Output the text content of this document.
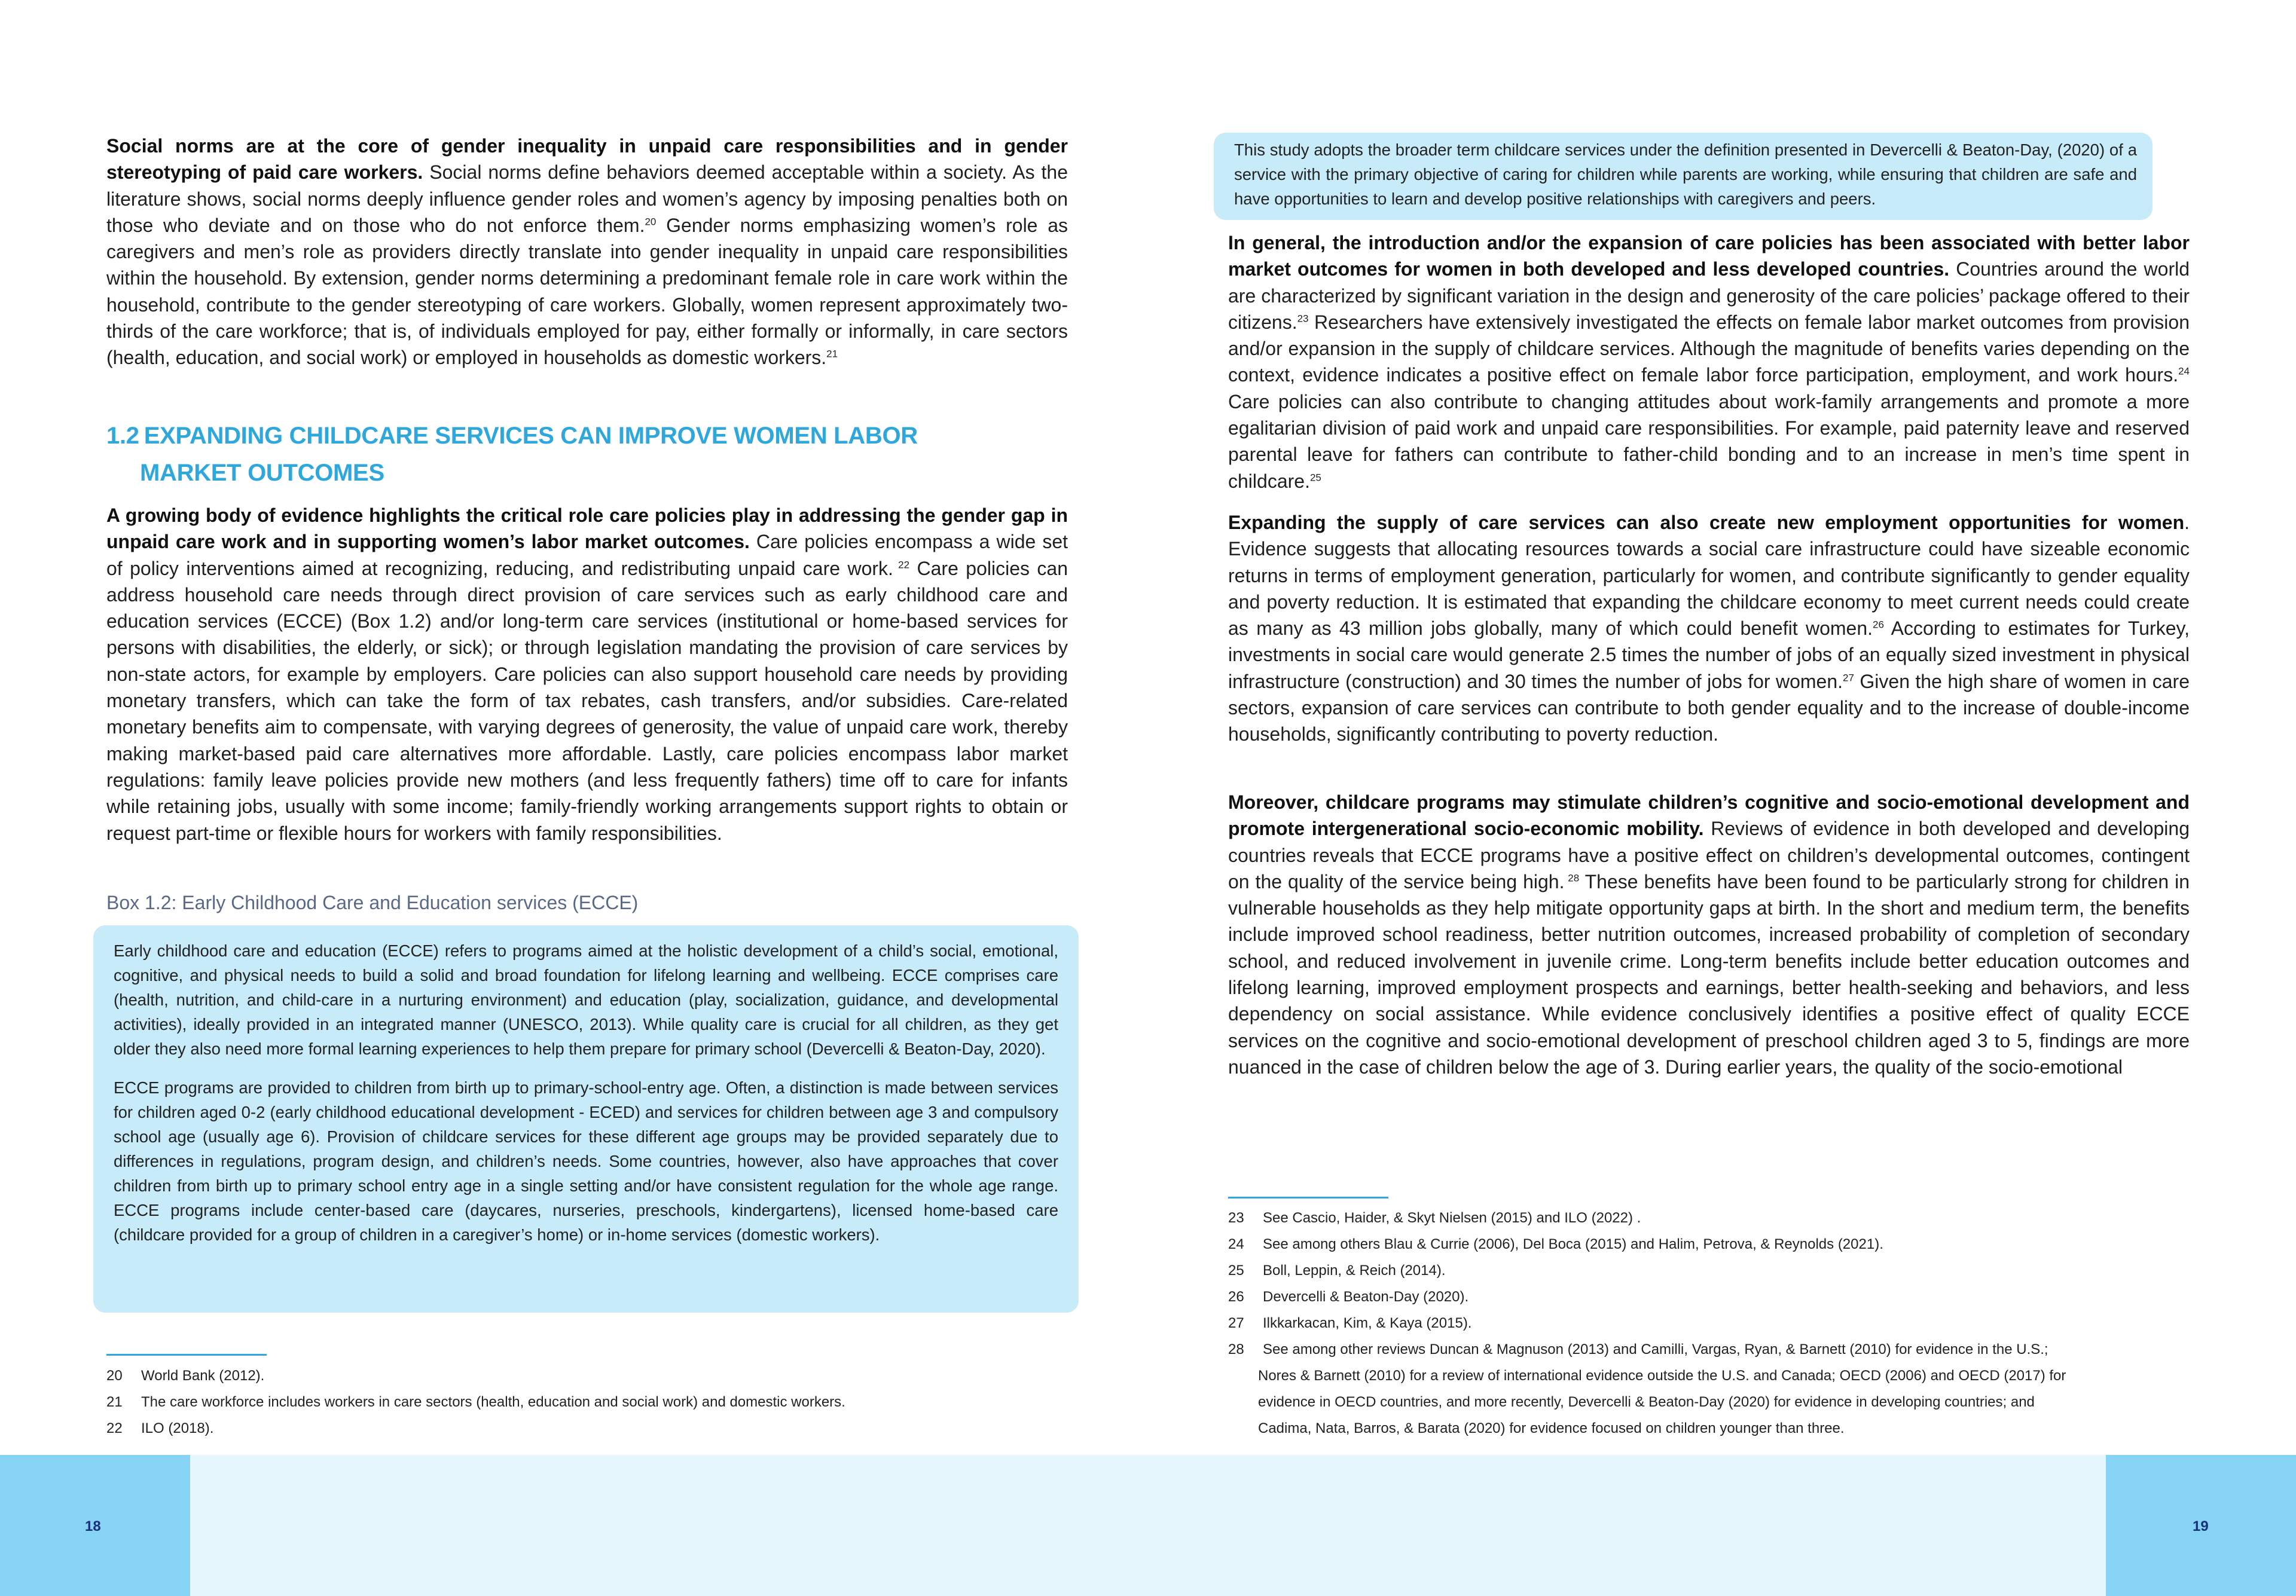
Social norms are at the core of gender inequality in unpaid care responsibilities and in gender stereotyping of paid care workers. Social norms define behaviors deemed acceptable within a society. As the literature shows, social norms deeply influence gender roles and women’s agency by imposing penalties both on those who deviate and on those who do not enforce them.$^{20}$ Gender norms emphasizing women’s role as caregivers and men’s role as providers directly translate into gender inequality in unpaid care responsibilities within the household. By extension, gender norms determining a predominant female role in care work within the household, contribute to the gender stereotyping of care workers. Globally, women represent approximately two-thirds of the care workforce; that is, of individuals employed for pay, either formally or informally, in care sectors (health, education, and social work) or employed in households as domestic workers.$^{21}$

1.2 EXPANDING CHILDCARE SERVICES CAN IMPROVE WOMEN LABOR
MARKET OUTCOMES

A growing body of evidence highlights the critical role care policies play in addressing the gender gap in unpaid care work and in supporting women’s labor market outcomes. Care policies encompass a wide set of policy interventions aimed at recognizing, reducing, and redistributing unpaid care work. $^{22}$ Care policies can address household care needs through direct provision of care services such as early childhood care and education services (ECCE) (Box 1.2) and/or long-term care services (institutional or home-based services for persons with disabilities, the elderly, or sick); or through legislation mandating the provision of care services by non-state actors, for example by employers. Care policies can also support household care needs by providing monetary transfers, which can take the form of tax rebates, cash transfers, and/or subsidies. Care-related monetary benefits aim to compensate, with varying degrees of generosity, the value of unpaid care work, thereby making market-based paid care alternatives more affordable. Lastly, care policies encompass labor market regulations: family leave policies provide new mothers (and less frequently fathers) time off to care for infants while retaining jobs, usually with some income; family-friendly working arrangements support rights to obtain or request part-time or flexible hours for workers with family responsibilities.

Box 1.2: Early Childhood Care and Education services (ECCE)

Early childhood care and education (ECCE) refers to programs aimed at the holistic development of a child’s social, emotional, cognitive, and physical needs to build a solid and broad foundation for lifelong learning and wellbeing. ECCE comprises care (health, nutrition, and child-care in a nurturing environment) and education (play, socialization, guidance, and developmental activities), ideally provided in an integrated manner (UNESCO, 2013). While quality care is crucial for all children, as they get older they also need more formal learning experiences to help them prepare for primary school (Devercelli & Beaton-Day, 2020).

ECCE programs are provided to children from birth up to primary-school-entry age. Often, a distinction is made between services for children aged 0-2 (early childhood educational development - ECED) and services for children between age 3 and compulsory school age (usually age 6). Provision of childcare services for these different age groups may be provided separately due to differences in regulations, program design, and children’s needs. Some countries, however, also have approaches that cover children from birth up to primary school entry age in a single setting and/or have consistent regulation for the whole age range. ECCE programs include center-based care (daycares, nurseries, preschools, kindergartens), licensed home-based care (childcare provided for a group of children in a caregiver’s home) or in-home services (domestic workers).

20	World Bank (2012).
21	The care workforce includes workers in care sectors (health, education and social work) and domestic workers.
22	ILO (2018).
18

This study adopts the broader term childcare services under the definition presented in Devercelli & Beaton-Day, (2020) of a service with the primary objective of caring for children while parents are working, while ensuring that children are safe and have opportunities to learn and develop positive relationships with caregivers and peers.

In general, the introduction and/or the expansion of care policies has been associated with better labor market outcomes for women in both developed and less developed countries. Countries around the world are characterized by significant variation in the design and generosity of the care policies’ package offered to their citizens.$^{23}$ Researchers have extensively investigated the effects on female labor market outcomes from provision and/or expansion in the supply of childcare services. Although the magnitude of benefits varies depending on the context, evidence indicates a positive effect on female labor force participation, employment, and work hours.$^{24}$ Care policies can also contribute to changing attitudes about work-family arrangements and promote a more egalitarian division of paid work and unpaid care responsibilities. For example, paid paternity leave and reserved parental leave for fathers can contribute to father-child bonding and to an increase in men’s time spent in childcare.$^{25}$

Expanding the supply of care services can also create new employment opportunities for women. Evidence suggests that allocating resources towards a social care infrastructure could have sizeable economic returns in terms of employment generation, particularly for women, and contribute significantly to gender equality and poverty reduction. It is estimated that expanding the childcare economy to meet current needs could create as many as 43 million jobs globally, many of which could benefit women.$^{26}$ According to estimates for Turkey, investments in social care would generate 2.5 times the number of jobs of an equally sized investment in physical infrastructure (construction) and 30 times the number of jobs for women.$^{27}$ Given the high share of women in care sectors, expansion of care services can contribute to both gender equality and to the increase of double-income households, significantly contributing to poverty reduction.

Moreover, childcare programs may stimulate children’s cognitive and socio-emotional development and promote intergenerational socio-economic mobility. Reviews of evidence in both developed and developing countries reveals that ECCE programs have a positive effect on children’s developmental outcomes, contingent on the quality of the service being high. $^{28}$ These benefits have been found to be particularly strong for children in vulnerable households as they help mitigate opportunity gaps at birth. In the short and medium term, the benefits include improved school readiness, better nutrition outcomes, increased probability of completion of secondary school, and reduced involvement in juvenile crime. Long-term benefits include better education outcomes and lifelong learning, improved employment prospects and earnings, better health-seeking and behaviors, and less dependency on social assistance. While evidence conclusively identifies a positive effect of quality ECCE services on the cognitive and socio-emotional development of preschool children aged 3 to 5, findings are more nuanced in the case of children below the age of 3. During earlier years, the quality of the socio-emotional

23	See Cascio, Haider, & Skyt Nielsen (2015) and ILO (2022) .
24	See among others Blau & Currie (2006), Del Boca (2015) and Halim, Petrova, & Reynolds (2021).
25	Boll, Leppin, & Reich (2014).
26	Devercelli & Beaton-Day (2020).
27	Ilkkarkacan, Kim, & Kaya (2015).
28	See among other reviews Duncan & Magnuson (2013) and Camilli, Vargas, Ryan, & Barnett (2010) for evidence in the U.S.;
Nores & Barnett (2010) for a review of international evidence outside the U.S. and Canada; OECD (2006) and OECD (2017) for
evidence in OECD countries, and more recently, Devercelli & Beaton-Day (2020) for evidence in developing countries; and
Cadima, Nata, Barros, & Barata (2020) for evidence focused on children younger than three.
19
